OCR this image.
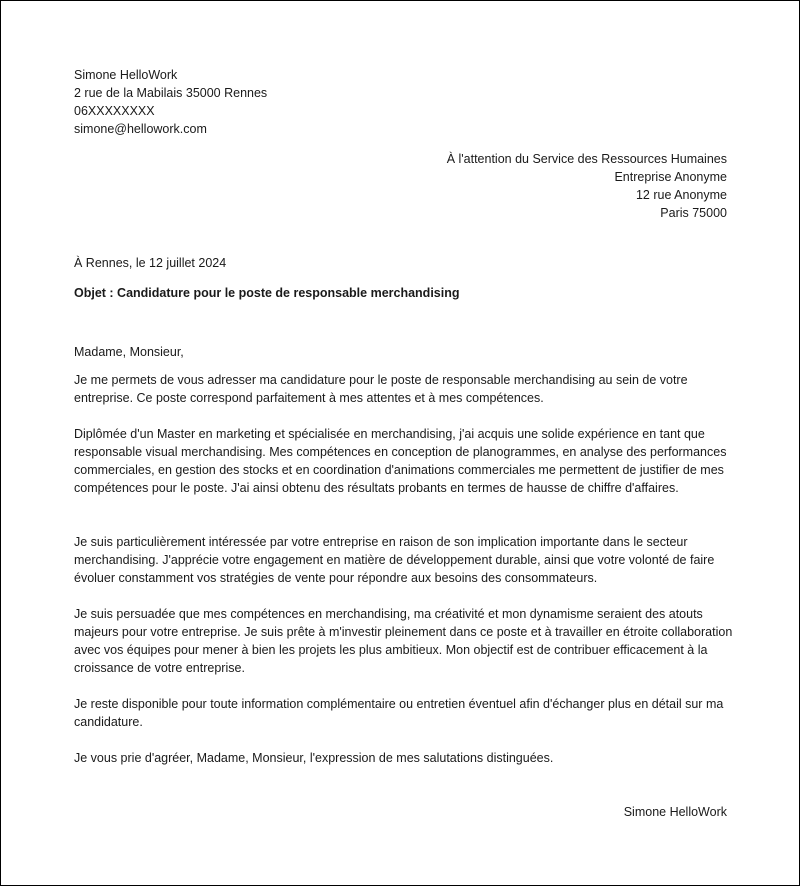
Simone HelloWork
2 rue de la Mabilais 35000 Rennes
06XXXXXXXX
simone@hellowork.com
À l'attention du Service des Ressources Humaines
Entreprise Anonyme
12 rue Anonyme
Paris 75000
À Rennes, le 12 juillet 2024
Objet : Candidature pour le poste de responsable merchandising
Madame, Monsieur,

Je me permets de vous adresser ma candidature pour le poste de responsable merchandising au sein de votre entreprise. Ce poste correspond parfaitement à mes attentes et à mes compétences.

Diplômée d'un Master en marketing et spécialisée en merchandising, j'ai acquis une solide expérience en tant que responsable visual merchandising. Mes compétences en conception de planogrammes, en analyse des performances commerciales, en gestion des stocks et en coordination d'animations commerciales me permettent de justifier de mes compétences pour le poste. J'ai ainsi obtenu des résultats probants en termes de hausse de chiffre d'affaires.

Je suis particulièrement intéressée par votre entreprise en raison de son implication importante dans le secteur merchandising. J'apprécie votre engagement en matière de développement durable, ainsi que votre volonté de faire évoluer constamment vos stratégies de vente pour répondre aux besoins des consommateurs.

Je suis persuadée que mes compétences en merchandising, ma créativité et mon dynamisme seraient des atouts majeurs pour votre entreprise. Je suis prête à m'investir pleinement dans ce poste et à travailler en étroite collaboration avec vos équipes pour mener à bien les projets les plus ambitieux. Mon objectif est de contribuer efficacement à la croissance de votre entreprise.

Je reste disponible pour toute information complémentaire ou entretien éventuel afin d'échanger plus en détail sur ma candidature.

Je vous prie d'agréer, Madame, Monsieur, l'expression de mes salutations distinguées.

Simone HelloWork
